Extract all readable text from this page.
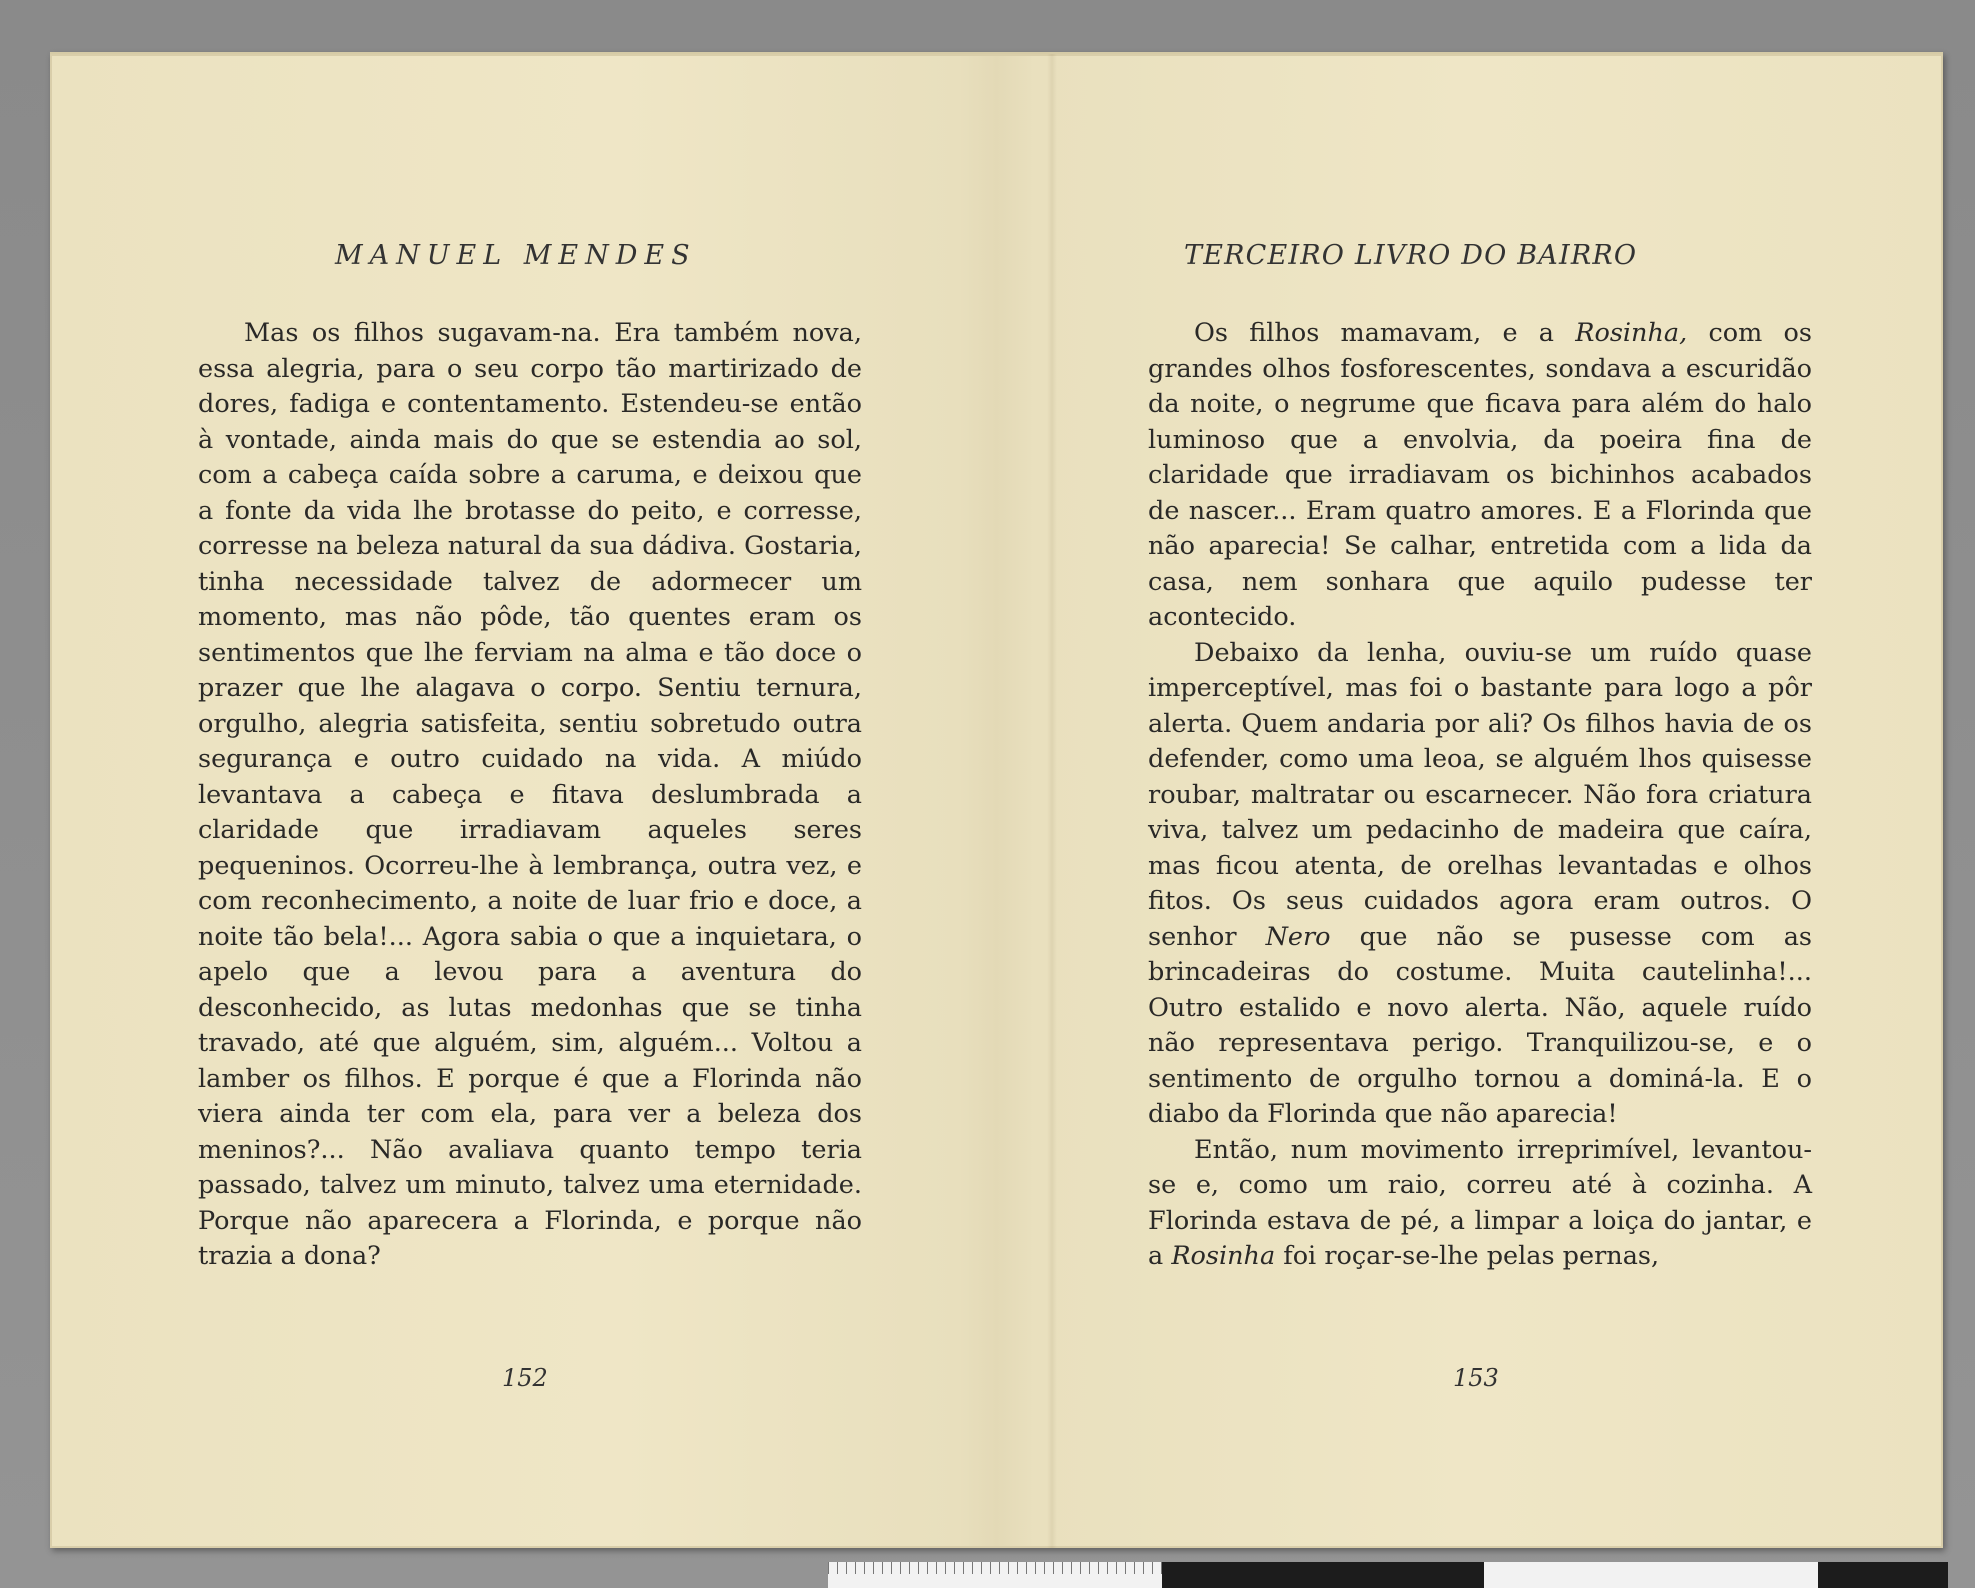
MANUEL MENDES

Mas os filhos sugavam-na. Era também nova, essa alegria, para o seu corpo tão martirizado de dores, fadiga e contentamento. Estendeu-se então à vontade, ainda mais do que se estendia ao sol, com a cabeça caída sobre a caruma, e deixou que a fonte da vida lhe brotasse do peito, e corresse, corresse na beleza natural da sua dádiva. Gostaria, tinha necessidade talvez de adormecer um momento, mas não pôde, tão quentes eram os sentimentos que lhe ferviam na alma e tão doce o prazer que lhe alagava o corpo. Sentiu ternura, orgulho, alegria satisfeita, sentiu sobretudo outra segurança e outro cuidado na vida. A miúdo levantava a cabeça e fitava deslumbrada a claridade que irradiavam aqueles seres pequeninos. Ocorreu-lhe à lembrança, outra vez, e com reconhecimento, a noite de luar frio e doce, a noite tão bela!... Agora sabia o que a inquietara, o apelo que a levou para a aventura do desconhecido, as lutas medonhas que se tinha travado, até que alguém, sim, alguém... Voltou a lamber os filhos. E porque é que a Florinda não viera ainda ter com ela, para ver a beleza dos meninos?... Não avaliava quanto tempo teria passado, talvez um minuto, talvez uma eternidade. Porque não aparecera a Florinda, e porque não trazia a dona?

152
TERCEIRO LIVRO DO BAIRRO

Os filhos mamavam, e a Rosinha, com os grandes olhos fosforescentes, sondava a escuridão da noite, o negrume que ficava para além do halo luminoso que a envolvia, da poeira fina de claridade que irradiavam os bichinhos acabados de nascer... Eram quatro amores. E a Florinda que não aparecia! Se calhar, entretida com a lida da casa, nem sonhara que aquilo pudesse ter acontecido.

Debaixo da lenha, ouviu-se um ruído quase imperceptível, mas foi o bastante para logo a pôr alerta. Quem andaria por ali? Os filhos havia de os defender, como uma leoa, se alguém lhos quisesse roubar, maltratar ou escarnecer. Não fora criatura viva, talvez um pedacinho de madeira que caíra, mas ficou atenta, de orelhas levantadas e olhos fitos. Os seus cuidados agora eram outros. O senhor Nero que não se pusesse com as brincadeiras do costume. Muita cautelinha!... Outro estalido e novo alerta. Não, aquele ruído não representava perigo. Tranquilizou-se, e o sentimento de orgulho tornou a dominá-la. E o diabo da Florinda que não aparecia!

Então, num movimento irreprimível, levantou-se e, como um raio, correu até à cozinha. A Florinda estava de pé, a limpar a loiça do jantar, e a Rosinha foi roçar-se-lhe pelas pernas,

153
